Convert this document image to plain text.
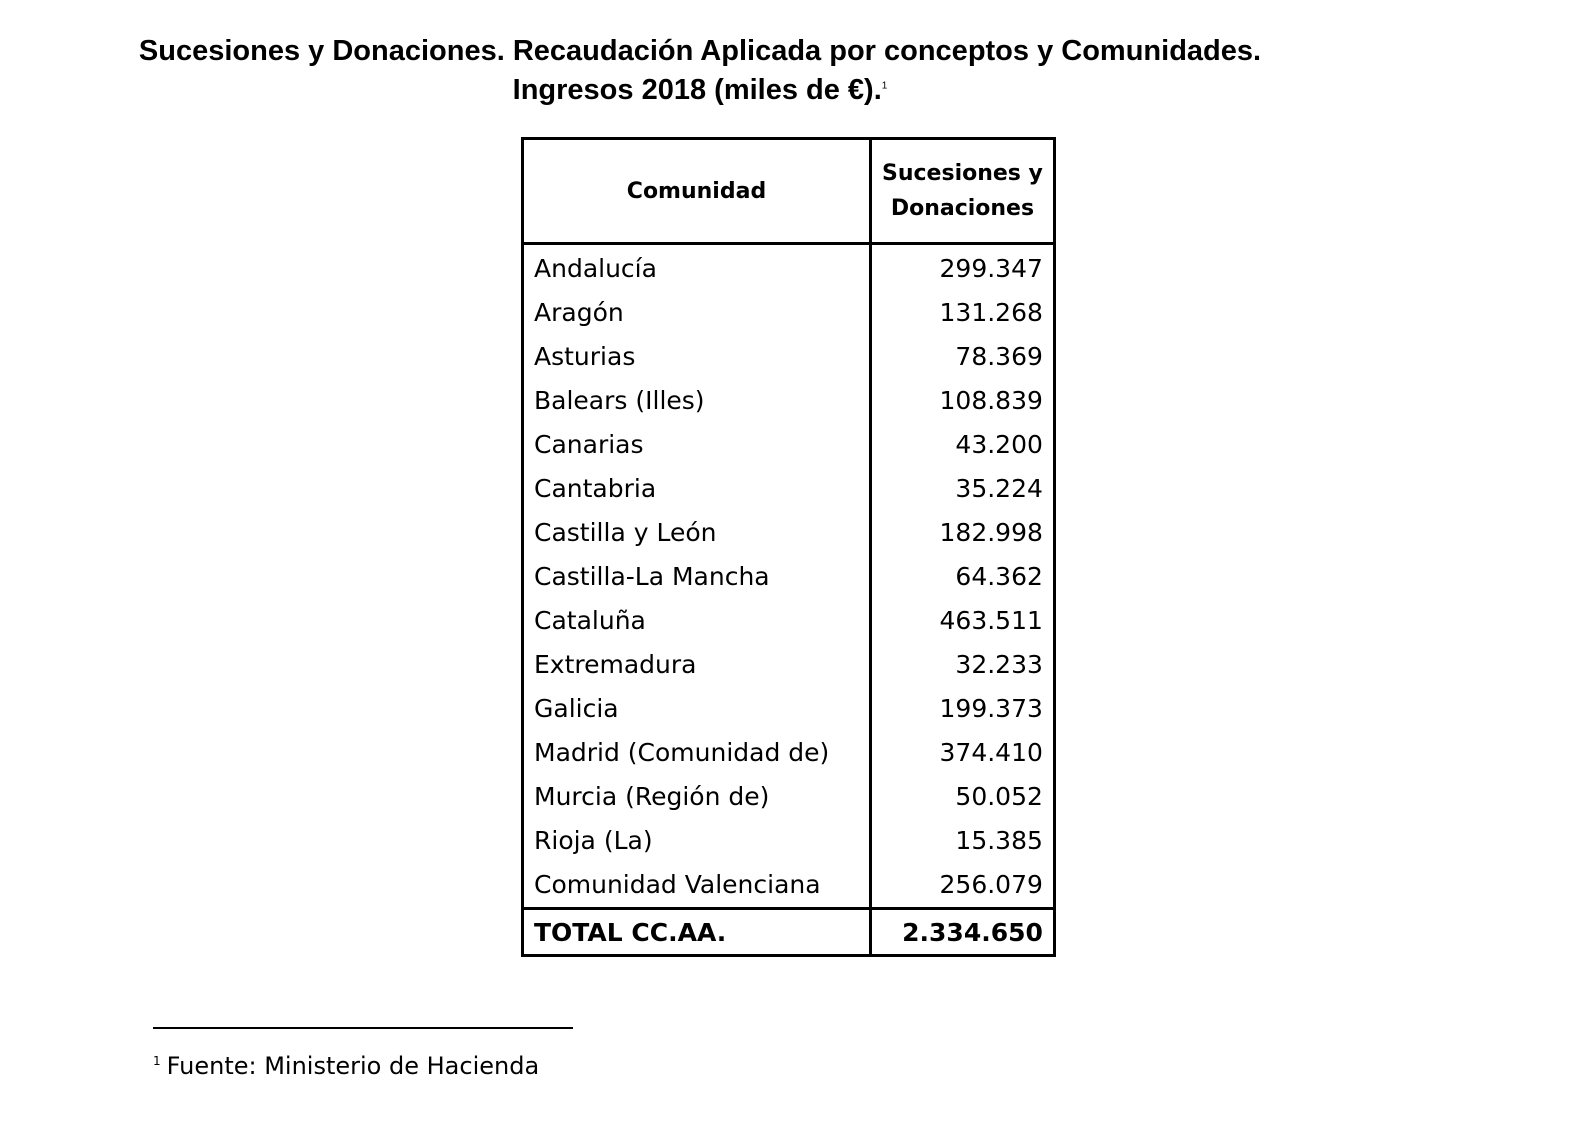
Sucesiones y Donaciones. Recaudación Aplicada por conceptos y Comunidades.
Ingresos 2018 (miles de €).$^1$
Comunidad	Sucesiones y
Donaciones

Andalucía	299.347
Aragón	131.268
Asturias	78.369
Balears (Illes)	108.839
Canarias	43.200
Cantabria	35.224
Castilla y León	182.998
Castilla-La Mancha	64.362
Cataluña	463.511
Extremadura	32.233
Galicia	199.373
Madrid (Comunidad de)	374.410
Murcia (Región de)	50.052
Rioja (La)	15.385
Comunidad Valenciana	256.079
TOTAL CC.AA.	2.334.650
$^1$ Fuente: Ministerio de Hacienda
